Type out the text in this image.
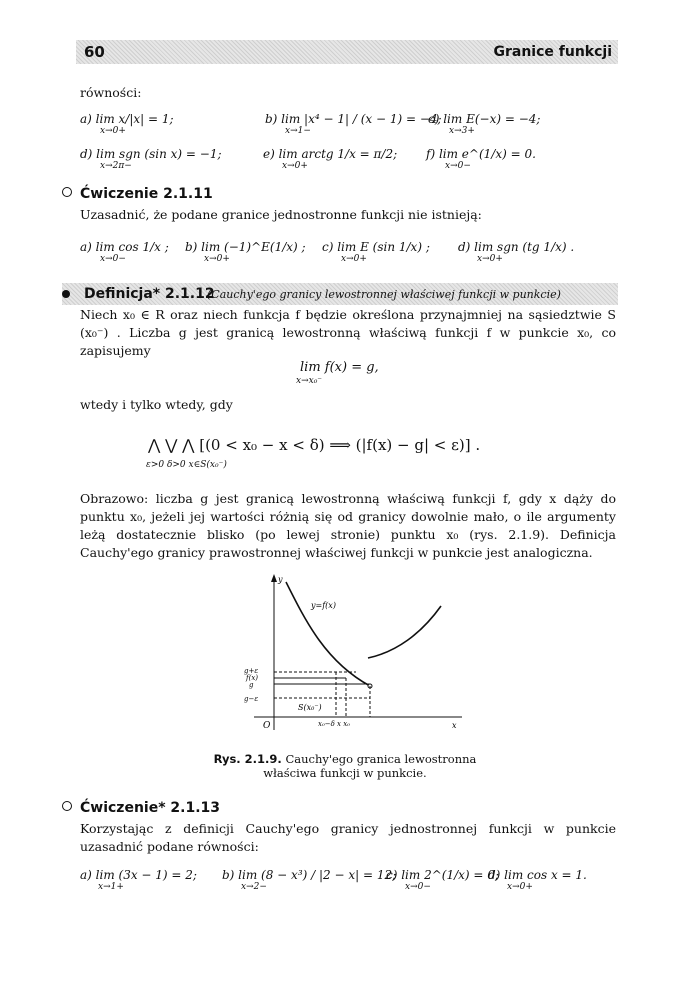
60	Granice funkcji
równości:
a) lim x/|x| = 1;
x→0+
b) lim |x⁴ − 1| / (x − 1) = −4;
x→1−
c) lim E(−x) = −4;
x→3+
d) lim sgn (sin x) = −1;
x→2π−
e) lim arctg 1/x = π/2;
x→0+
f) lim e^(1/x) = 0.
x→0−
Ćwiczenie 2.1.11
Uzasadnić, że podane granice jednostronne funkcji nie istnieją:
a) lim cos 1/x ;
x→0−
b) lim (−1)^E(1/x) ;
x→0+
c) lim E (sin 1/x) ;
x→0+
d) lim sgn (tg 1/x) .
x→0+
Definicja* 2.1.12
(Cauchy'ego granicy lewostronnej właściwej funkcji w punkcie)
Niech x₀ ∈ R oraz niech funkcja f będzie określona przynajmniej na sąsiedztwie S (x₀⁻) . Liczba g jest granicą lewostronną właściwą funkcji f w punkcie x₀, co zapisujemy
lim f(x) = g,
x→x₀⁻
wtedy i tylko wtedy, gdy
⋀ ⋁ ⋀ [(0 < x₀ − x < δ) ⟹ (|f(x) − g| < ε)] .
ε>0 δ>0 x∈S(x₀⁻)
Obrazowo: liczba g jest granicą lewostronną właściwą funkcji f, gdy x dąży do punktu x₀, jeżeli jej wartości różnią się od granicy dowolnie mało, o ile argumenty leżą dostatecznie blisko (po lewej stronie) punktu x₀ (rys. 2.1.9). Definicja Cauchy'ego granicy prawostronnej właściwej funkcji w punkcie jest analogiczna.
y
x
O
y=f(x)
g+ε
f(x)
g
g−ε
S(x₀⁻)
x₀−δ x x₀
Rys. 2.1.9. Cauchy'ego granica lewostronna właściwa funkcji w punkcie.
Ćwiczenie* 2.1.13
Korzystając z definicji Cauchy'ego granicy jednostronnej funkcji w punkcie uzasadnić podane równości:
a) lim (3x − 1) = 2;
x→1+
b) lim (8 − x³) / |2 − x| = 12;
x→2−
c) lim 2^(1/x) = 0;
x→0−
d) lim cos x = 1.
x→0+
